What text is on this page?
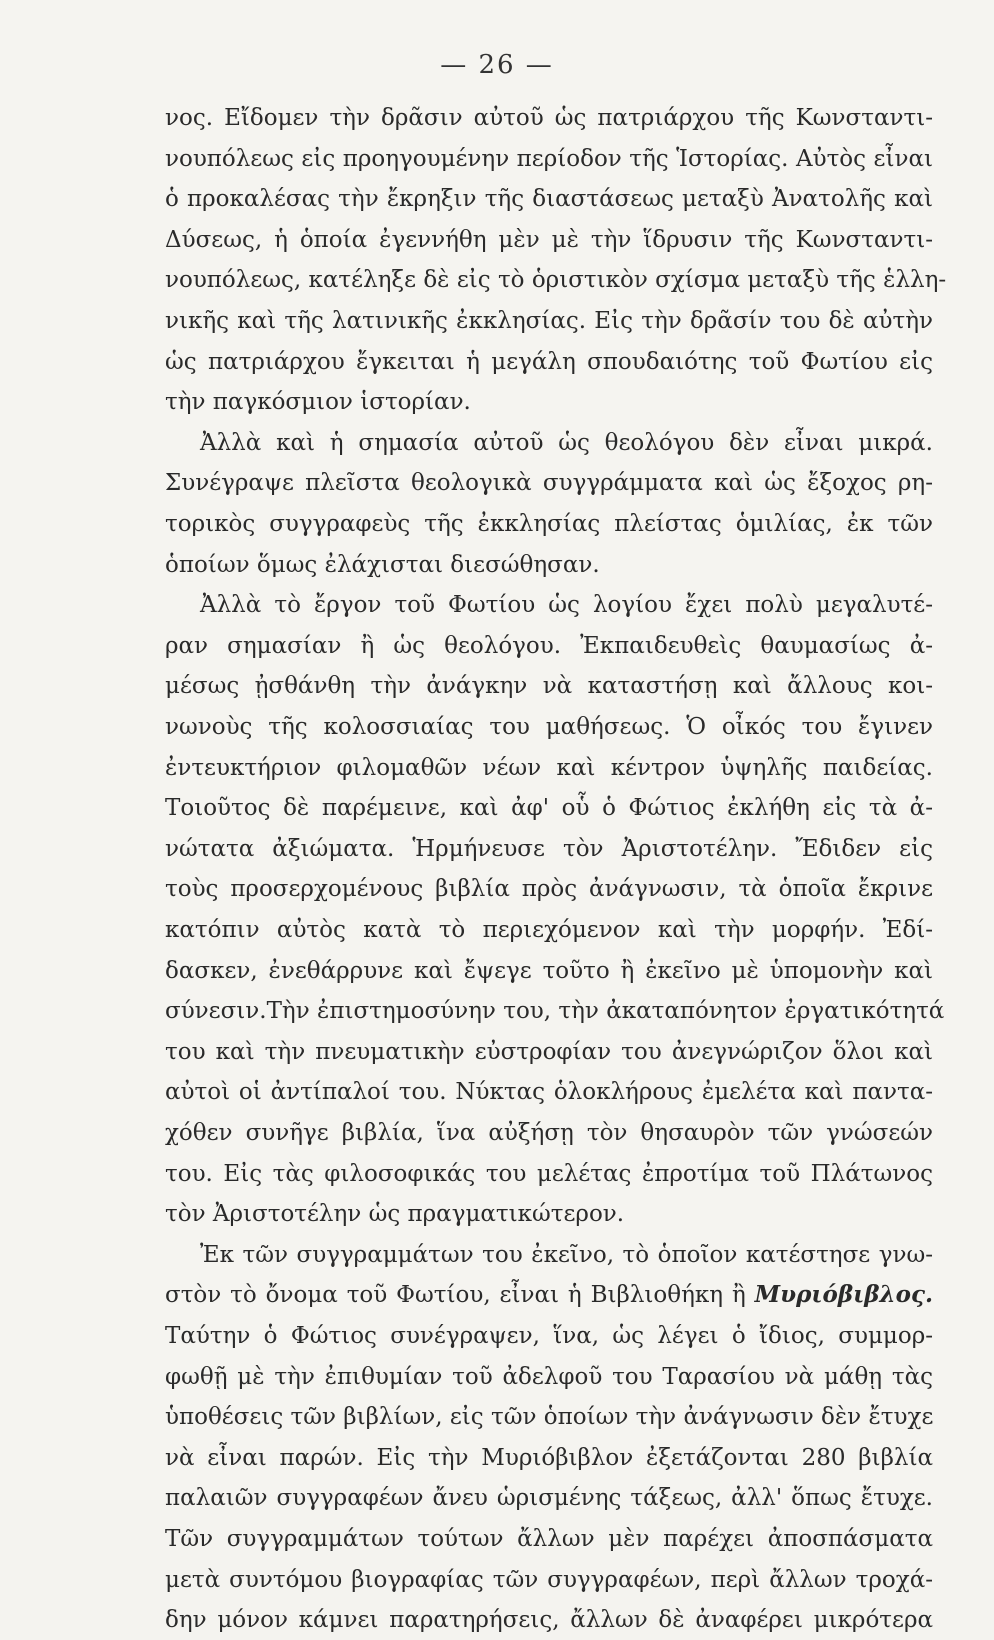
— 26 —
νος. Εἴδομεν τὴν δρᾶσιν αὐτοῦ ὡς πατριάρχου τῆς Κωνσταντι-
νουπόλεως εἰς προηγουμένην περίοδον τῆς Ἱστορίας. Αὐτὸς εἶναι
ὁ προκαλέσας τὴν ἔκρηξιν τῆς διαστάσεως μεταξὺ Ἀνατολῆς καὶ
Δύσεως, ἡ ὁποία ἐγεννήθη μὲν μὲ τὴν ἵδρυσιν τῆς Κωνσταντι-
νουπόλεως, κατέληξε δὲ εἰς τὸ ὁριστικὸν σχίσμα μεταξὺ τῆς ἑλλη-
νικῆς καὶ τῆς λατινικῆς ἐκκλησίας. Εἰς τὴν δρᾶσίν του δὲ αὐτὴν
ὡς πατριάρχου ἔγκειται ἡ μεγάλη σπουδαιότης τοῦ Φωτίου εἰς
τὴν παγκόσμιον ἱστορίαν.
Ἀλλὰ καὶ ἡ σημασία αὐτοῦ ὡς θεολόγου δὲν εἶναι μικρά.
Συνέγραψε πλεῖστα θεολογικὰ συγγράμματα καὶ ὡς ἔξοχος ρη-
τορικὸς συγγραφεὺς τῆς ἐκκλησίας πλείστας ὁμιλίας, ἐκ τῶν
ὁποίων ὅμως ἐλάχισται διεσώθησαν.
Ἀλλὰ τὸ ἔργον τοῦ Φωτίου ὡς λογίου ἔχει πολὺ μεγαλυτέ-
ραν σημασίαν ἢ ὡς θεολόγου. Ἐκπαιδευθεὶς θαυμασίως ἀ-
μέσως ᾐσθάνθη τὴν ἀνάγκην νὰ καταστήσῃ καὶ ἄλλους κοι-
νωνοὺς τῆς κολοσσιαίας του μαθήσεως. Ὁ οἶκός του ἔγινεν
ἐντευκτήριον φιλομαθῶν νέων καὶ κέντρον ὑψηλῆς παιδείας.
Τοιοῦτος δὲ παρέμεινε, καὶ ἀφ' οὗ ὁ Φώτιος ἐκλήθη εἰς τὰ ἀ-
νώτατα ἀξιώματα. Ἡρμήνευσε τὸν Ἀριστοτέλην. Ἔδιδεν εἰς
τοὺς προσερχομένους βιβλία πρὸς ἀνάγνωσιν, τὰ ὁποῖα ἔκρινε
κατόπιν αὐτὸς κατὰ τὸ περιεχόμενον καὶ τὴν μορφήν. Ἐδί-
δασκεν, ἐνεθάρρυνε καὶ ἔψεγε τοῦτο ἢ ἐκεῖνο μὲ ὑπομονὴν καὶ
σύνεσιν.Τὴν ἐπιστημοσύνην του, τὴν ἀκαταπόνητον ἐργατικότητά
του καὶ τὴν πνευματικὴν εὐστροφίαν του ἀνεγνώριζον ὅλοι καὶ
αὐτοὶ οἱ ἀντίπαλοί του. Νύκτας ὁλοκλήρους ἐμελέτα καὶ παντα-
χόθεν συνῆγε βιβλία, ἵνα αὐξήσῃ τὸν θησαυρὸν τῶν γνώσεών
του. Εἰς τὰς φιλοσοφικάς του μελέτας ἐπροτίμα τοῦ Πλάτωνος
τὸν Ἀριστοτέλην ὡς πραγματικώτερον.
Ἐκ τῶν συγγραμμάτων του ἐκεῖνο, τὸ ὁποῖον κατέστησε γνω-
στὸν τὸ ὄνομα τοῦ Φωτίου, εἶναι ἡ Βιβλιοθήκη ἢ Μυριόβιβλος.
Ταύτην ὁ Φώτιος συνέγραψεν, ἵνα, ὡς λέγει ὁ ἴδιος, συμμορ-
φωθῇ μὲ τὴν ἐπιθυμίαν τοῦ ἀδελφοῦ του Ταρασίου νὰ μάθῃ τὰς
ὑποθέσεις τῶν βιβλίων, εἰς τῶν ὁποίων τὴν ἀνάγνωσιν δὲν ἔτυχε
νὰ εἶναι παρών. Εἰς τὴν Μυριόβιβλον ἐξετάζονται 280 βιβλία
παλαιῶν συγγραφέων ἄνευ ὡρισμένης τάξεως, ἀλλ' ὅπως ἔτυχε.
Τῶν συγγραμμάτων τούτων ἄλλων μὲν παρέχει ἀποσπάσματα
μετὰ συντόμου βιογραφίας τῶν συγγραφέων, περὶ ἄλλων τροχά-
δην μόνον κάμνει παρατηρήσεις, ἄλλων δὲ ἀναφέρει μικρότερα
